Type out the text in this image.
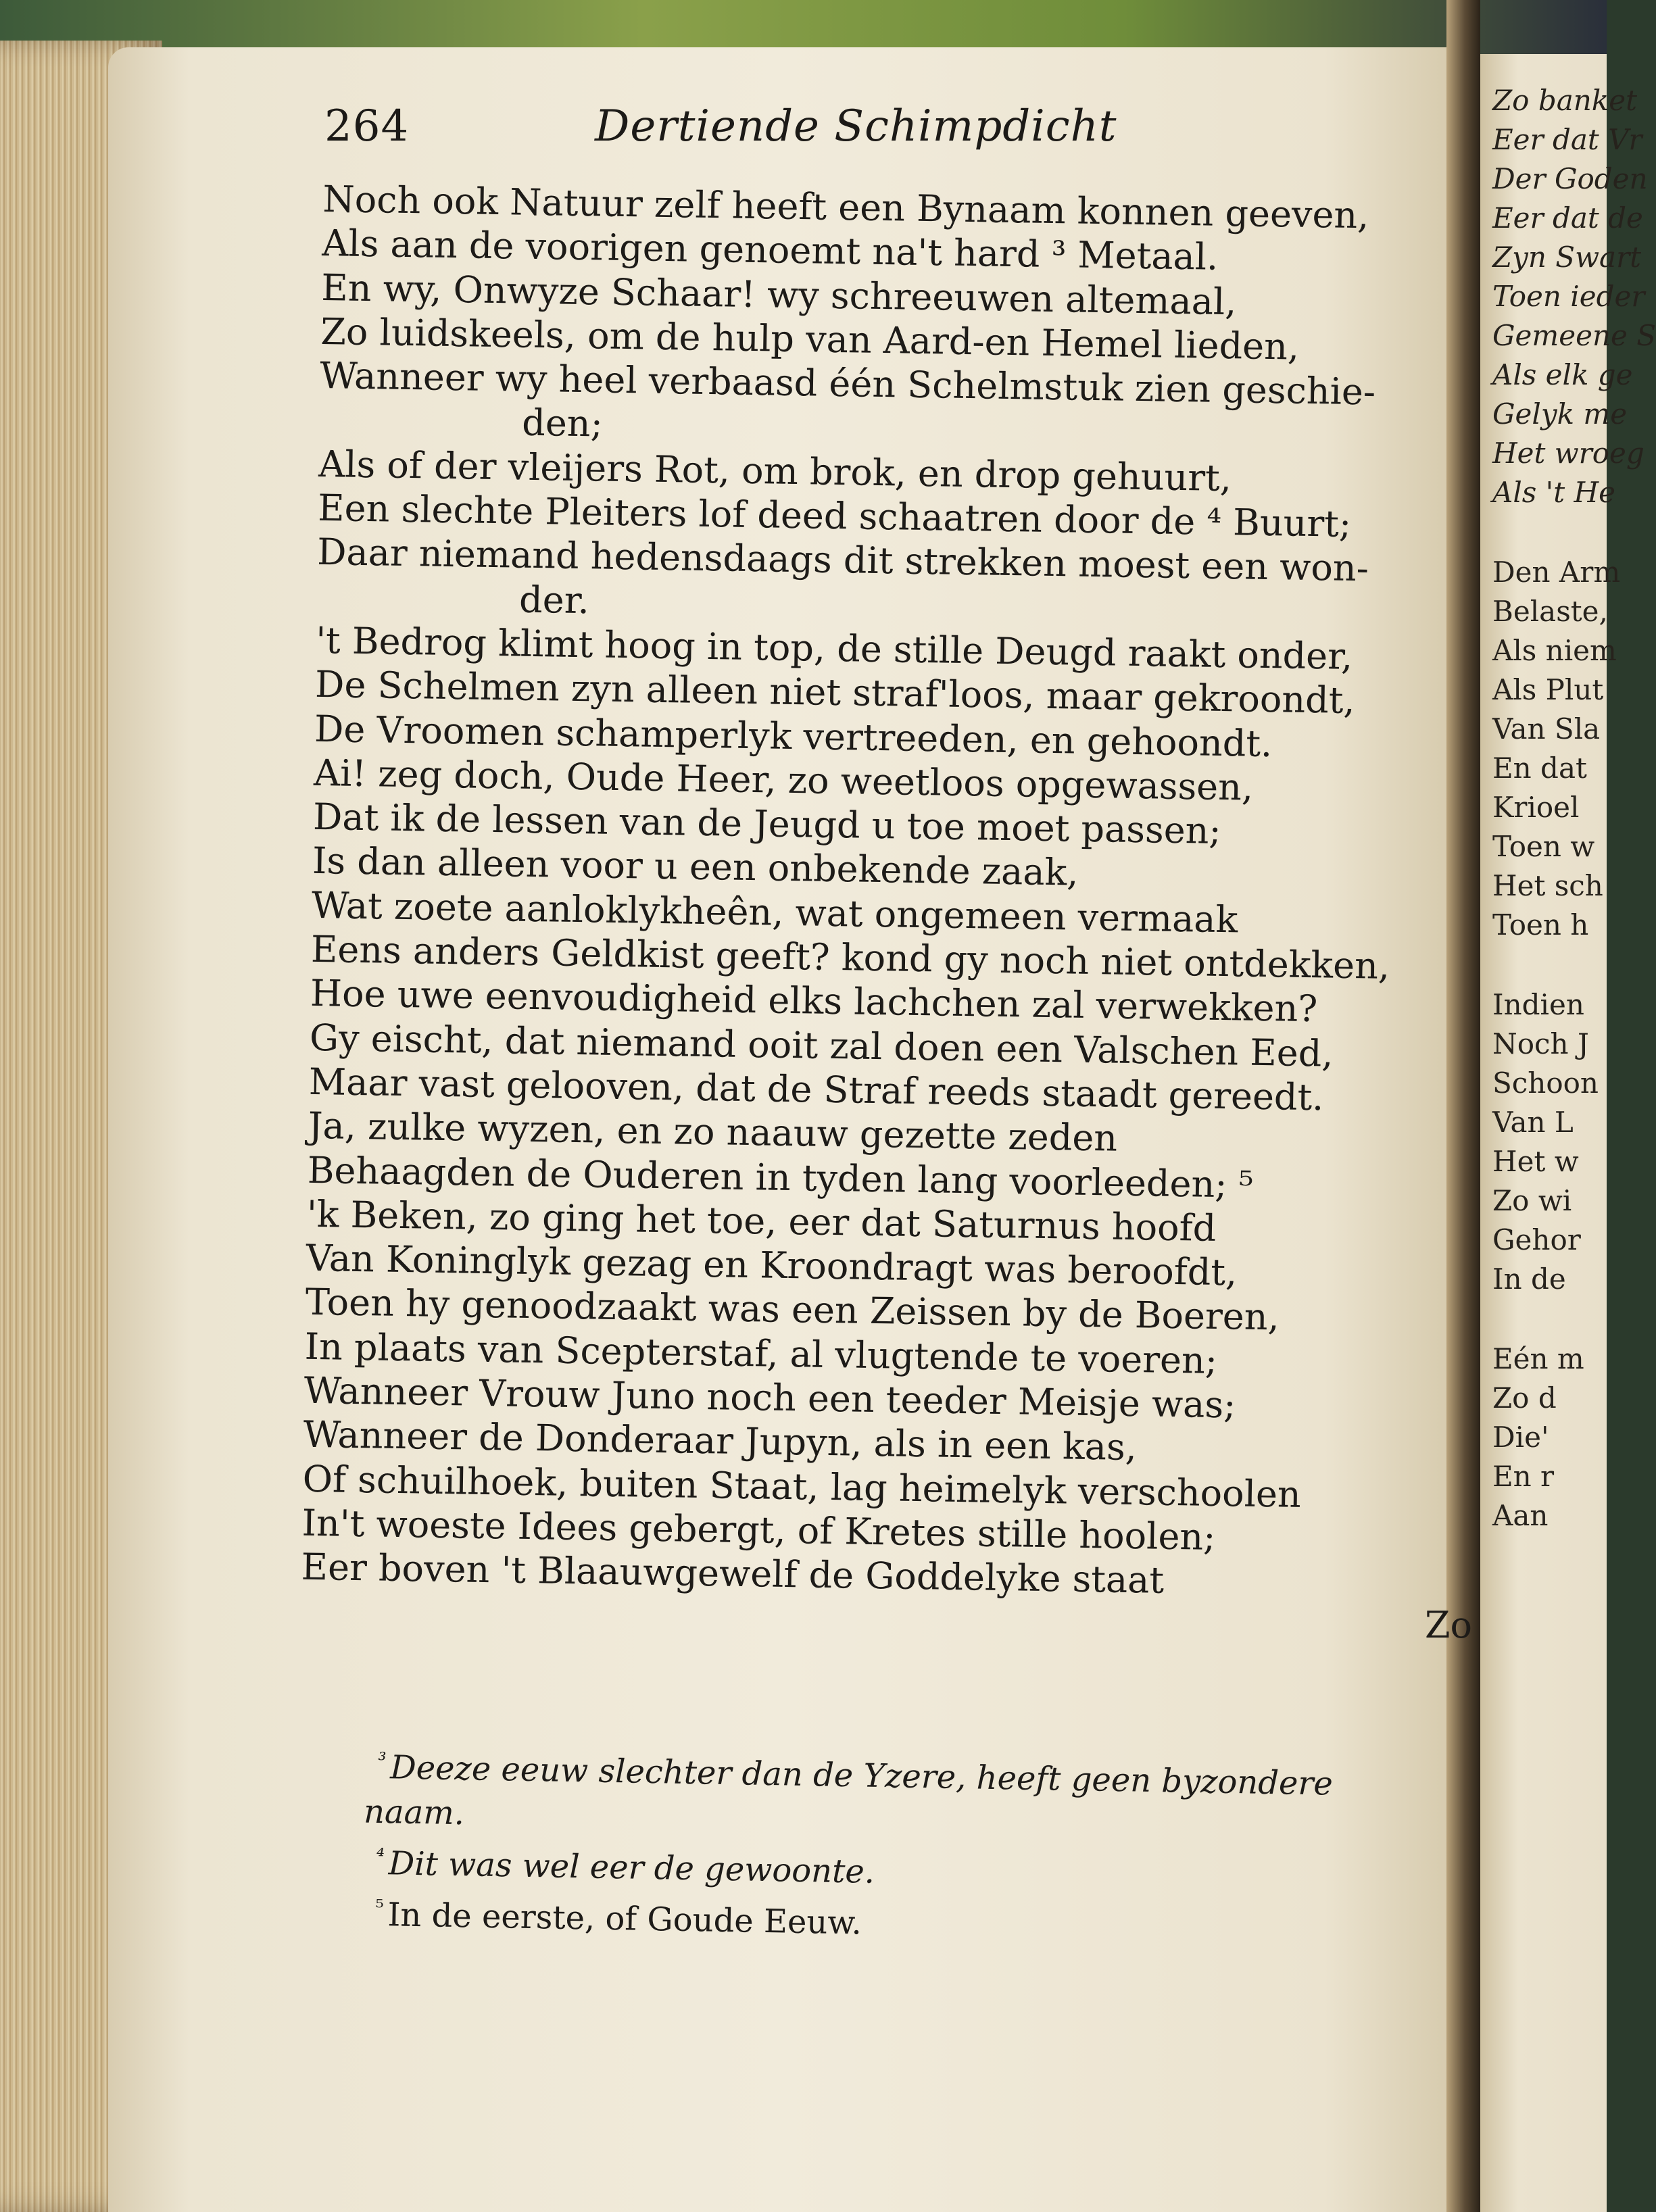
Zo banket
Eer dat Vr
Der Goden
Eer dat de
Zyn Swart
Toen ieder
Gemeene S
Als elk ge
Gelyk me
Het wroeg
Als 't He
Den Arm
Belaste,
Als niem
Als Plut
Van Sla
En dat
Krioel
Toen w
Het sch
Toen h
Indien
Noch J
Schoon
Van L
Het w
Zo wi
Gehor
In de
Eén m
Zo d
Die'
En r
Aan
264	Dertiende Schimpdicht
Noch ook Natuur zelf heeft een Bynaam konnen geeven,
Als aan de voorigen genoemt na't hard ³ Metaal.
En wy, Onwyze Schaar! wy schreeuwen altemaal,
Zo luidskeels, om de hulp van Aard-en Hemel lieden,
Wanneer wy heel verbaasd één Schelmstuk zien geschie-
den;
Als of der vleijers Rot, om brok, en drop gehuurt,
Een slechte Pleiters lof deed schaatren door de ⁴ Buurt;
Daar niemand hedensdaags dit strekken moest een won-
der.
't Bedrog klimt hoog in top, de stille Deugd raakt onder,
De Schelmen zyn alleen niet straf'loos, maar gekroondt,
De Vroomen schamperlyk vertreeden, en gehoondt.
Ai! zeg doch, Oude Heer, zo weetloos opgewassen,
Dat ik de lessen van de Jeugd u toe moet passen;
Is dan alleen voor u een onbekende zaak,
Wat zoete aanloklykheên, wat ongemeen vermaak
Eens anders Geldkist geeft? kond gy noch niet ontdekken,
Hoe uwe eenvoudigheid elks lachchen zal verwekken?
Gy eischt, dat niemand ooit zal doen een Valschen Eed,
Maar vast gelooven, dat de Straf reeds staadt gereedt.
Ja, zulke wyzen, en zo naauw gezette zeden
Behaagden de Ouderen in tyden lang voorleeden; ⁵
'k Beken, zo ging het toe, eer dat Saturnus hoofd
Van Koninglyk gezag en Kroondragt was beroofdt,
Toen hy genoodzaakt was een Zeissen by de Boeren,
In plaats van Scepterstaf, al vlugtende te voeren;
Wanneer Vrouw Juno noch een teeder Meisje was;
Wanneer de Donderaar Jupyn, als in een kas,
Of schuilhoek, buiten Staat, lag heimelyk verschoolen
In't woeste Idees gebergt, of Kretes stille hoolen;
Eer boven 't Blaauwgewelf de Goddelyke staat
Zo
$^{^3}$ Deeze eeuw slechter dan de Yzere, heeft geen byzondere
naam.
$^{^4}$ Dit was wel eer de gewoonte.
$^{^5}$ In de eerste, of Goude Eeuw.
